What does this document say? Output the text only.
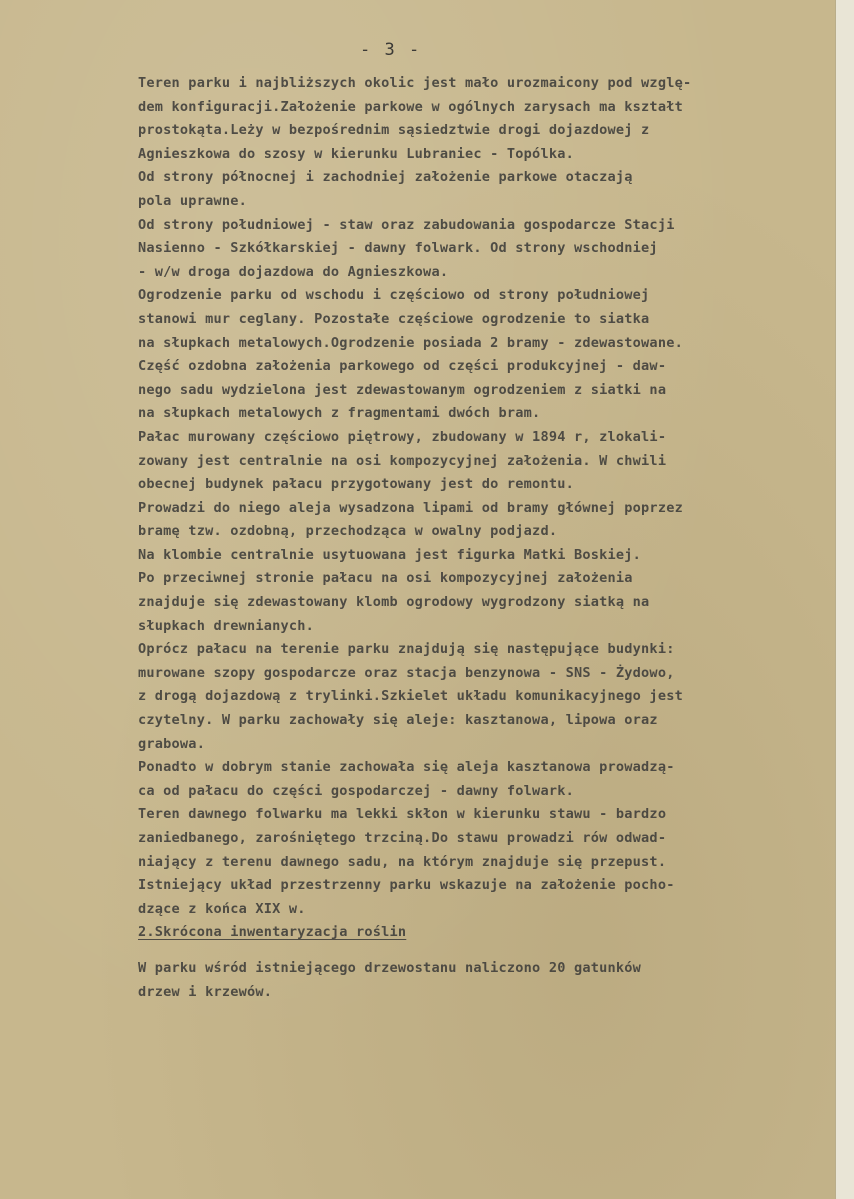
- 3 -
Teren parku i najbliższych okolic jest mało urozmaicony pod wzglę-
dem konfiguracji.Założenie parkowe w ogólnych zarysach ma kształt
prostokąta.Leży w bezpośrednim sąsiedztwie drogi dojazdowej z
Agnieszkowa do szosy w kierunku Lubraniec - Topólka.
Od strony północnej i zachodniej założenie parkowe otaczają
pola uprawne.
Od strony południowej - staw oraz zabudowania gospodarcze Stacji
Nasienno - Szkółkarskiej - dawny folwark. Od strony wschodniej
- w/w droga dojazdowa do Agnieszkowa.
Ogrodzenie parku od wschodu i częściowo od strony południowej
stanowi mur ceglany. Pozostałe częściowe ogrodzenie to siatka
na słupkach metalowych.Ogrodzenie posiada 2 bramy - zdewastowane.
Część ozdobna założenia parkowego od części produkcyjnej - daw-
nego sadu wydzielona jest zdewastowanym ogrodzeniem z siatki na
na słupkach metalowych z fragmentami dwóch bram.
Pałac murowany częściowo piętrowy, zbudowany w 1894 r, zlokali-
zowany jest centralnie na osi kompozycyjnej założenia. W chwili
obecnej budynek pałacu przygotowany jest do remontu.
Prowadzi do niego aleja wysadzona lipami od bramy głównej poprzez
bramę tzw. ozdobną, przechodząca w owalny podjazd.
Na klombie centralnie usytuowana jest figurka Matki Boskiej.
Po przeciwnej stronie pałacu na osi kompozycyjnej założenia
znajduje się zdewastowany klomb ogrodowy wygrodzony siatką na
słupkach drewnianych.
Oprócz pałacu na terenie parku znajdują się następujące budynki:
murowane szopy gospodarcze oraz stacja benzynowa - SNS - Żydowo,
z drogą dojazdową z trylinki.Szkielet układu komunikacyjnego jest
czytelny. W parku zachowały się aleje: kasztanowa, lipowa oraz
grabowa.
Ponadto w dobrym stanie zachowała się aleja kasztanowa prowadzą-
ca od pałacu do części gospodarczej - dawny folwark.
Teren dawnego folwarku ma lekki skłon w kierunku stawu - bardzo
zaniedbanego, zarośniętego trzciną.Do stawu prowadzi rów odwad-
niający z terenu dawnego sadu, na którym znajduje się przepust.
Istniejący układ przestrzenny parku wskazuje na założenie pocho-
dzące z końca XIX w.
2.Skrócona inwentaryzacja roślin
W parku wśród istniejącego drzewostanu naliczono 20 gatunków
drzew i krzewów.
